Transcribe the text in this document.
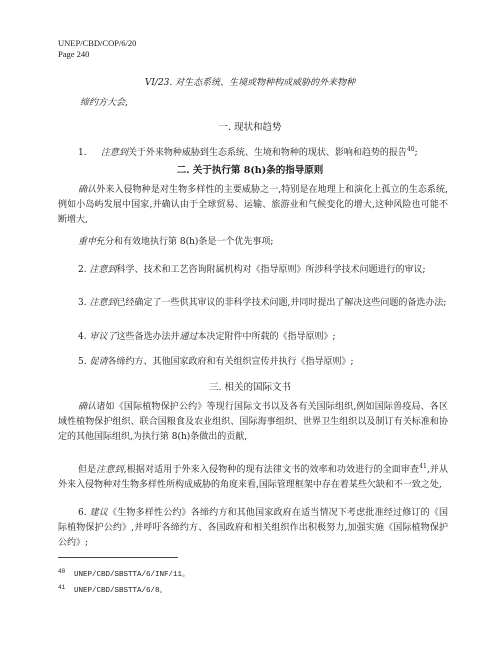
UNEP/CBD/COP/6/20
Page 240
VI/23. 对生态系统、生境或物种构成威胁的外来物种
缔约方大会,
一. 现状和趋势
1. 注意到关于外来物种威胁到生态系统、生境和物种的现状、影响和趋势的报告$^{40}$;
二. 关于执行第 8(h)条的指导原则
确认外来入侵物种是对生物多样性的主要威胁之一,特别是在地理上和演化上孤立的生态系统,例如小岛屿发展中国家,并确认由于全球贸易、运输、旅游业和气候变化的增大,这种风险也可能不断增大,
重申充分和有效地执行第 8(h)条是一个优先事项;
2. 注意到科学、技术和工艺咨询附属机构对《指导原则》所涉科学技术问题进行的审议;
3. 注意到已经确定了一些供其审议的非科学技术问题,并同时提出了解决这些问题的备选办法;
4. 审议了这些备选办法并通过本决定附件中所载的《指导原则》;
5. 促请各缔约方、其他国家政府和有关组织宣传并执行《指导原则》;
三. 相关的国际文书
确认诸如《国际植物保护公约》等现行国际文书以及各有关国际组织,例如国际兽疫局、各区域性植物保护组织、联合国粮食及农业组织、国际海事组织、世界卫生组织以及制订有关标准和协定的其他国际组织,为执行第 8(h)条做出的贡献,
但是注意到,根据对适用于外来入侵物种的现有法律文书的效率和功效进行的全面审查$^{41}$,并从外来入侵物种对生物多样性所构成威胁的角度来看,国际管理框架中存在着某些欠缺和不一致之处,
6. 建议《生物多样性公约》各缔约方和其他国家政府在适当情况下考虑批准经过修订的《国际植物保护公约》,并呼吁各缔约方、各国政府和相关组织作出积极努力,加强实施《国际植物保护公约》;
40 UNEP/CBD/SBSTTA/6/INF/11。
41 UNEP/CBD/SBSTTA/6/8。
